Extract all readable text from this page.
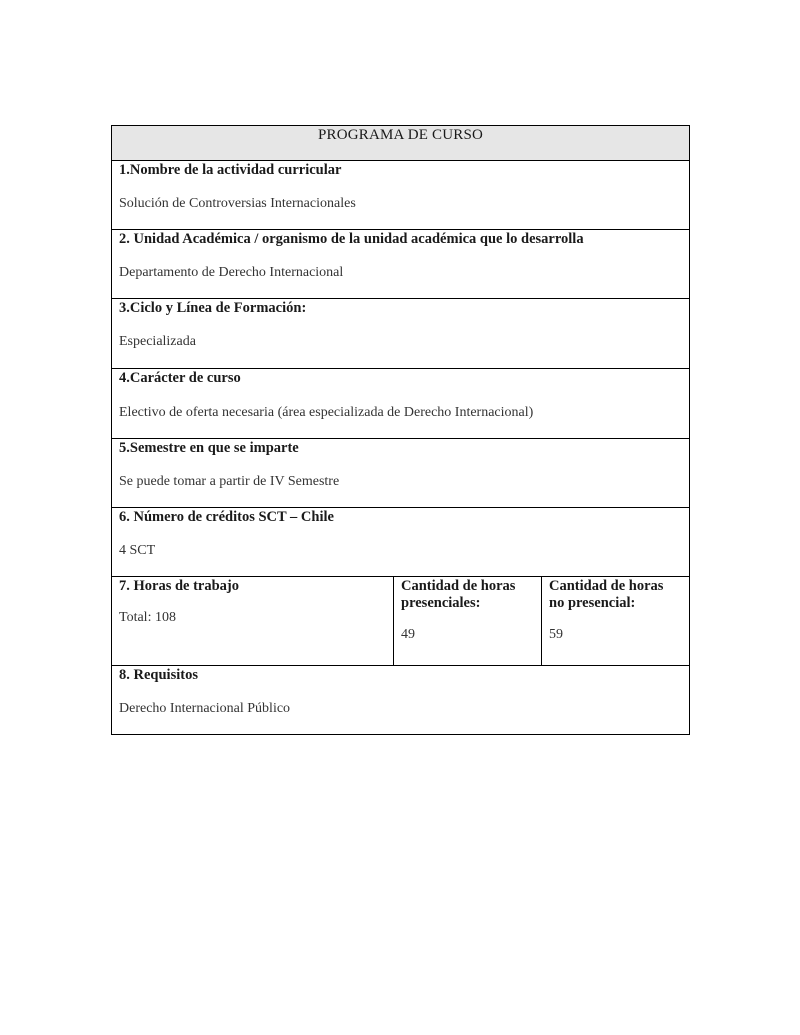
PROGRAMA DE CURSO

1.Nombre de la actividad curricular
Solución de Controversias Internacionales

2. Unidad Académica / organismo de la unidad académica que lo desarrolla
Departamento de Derecho Internacional

3.Ciclo y Línea de Formación:
Especializada

4.Carácter de curso
Electivo de oferta necesaria (área especializada de Derecho Internacional)

5.Semestre en que se imparte
Se puede tomar a partir de IV Semestre

6. Número de créditos SCT – Chile
4 SCT

7. Horas de trabajo
Total: 108

Cantidad de horas presenciales:
49

Cantidad de horas no presencial:
59

8. Requisitos
Derecho Internacional Público
